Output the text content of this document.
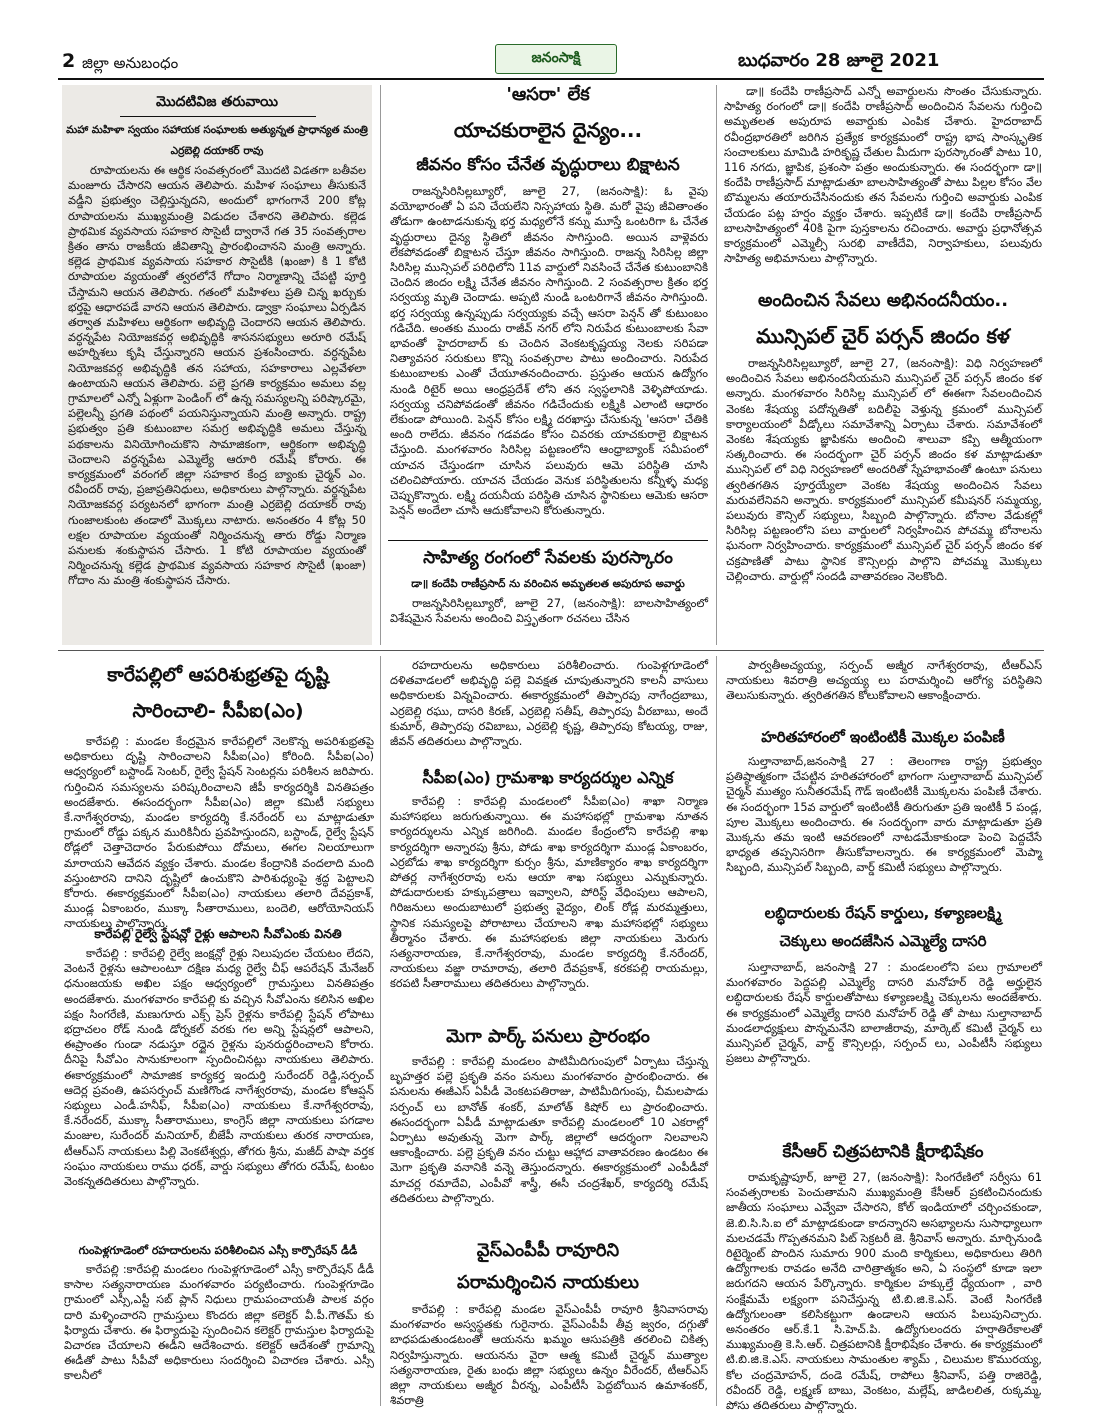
2 జిల్లా అనుబంధం	జనంసాక్షి	బుధవారం 28 జూలై 2021
మొదటివిజ తరువాయి
మహా మహిళా స్వయం సహాయక సంఘాలకు అత్యున్నత ప్రాధాన్యత మంత్రి
ఎర్రబెల్లి దయాకర్ రావు

రూపాయలను ఈ ఆర్థిక సంవత్సరంలో మొదటి విడతగా బతీవల మంజూరు చేసారని ఆయన తెలిపారు. మహిళ సంఘాలు తీసుకునే వడ్డీని ప్రభుత్వం చెల్లిస్తున్నదని, అందులో భాగంగానే 200 కోట్ల రూపాయలను ముఖ్యమంత్రి విడుదల చేశారని తెలిపారు. కల్లెడ ప్రాథమిక వ్యవసాయ సహకార సొసైటీ ద్వారానే గత 35 సంవత్సరాల క్రితం తాను రాజకీయ జీవితాన్ని ప్రారంభించానని మంత్రి అన్నారు. కల్లెడ ప్రాథమిక వ్యవసాయ సహకార సొసైటీకి (ఖంజా) కి 1 కోటి రూపాయల వ్యయంతో త్వరలోనే గోదాం నిర్మాణాన్ని చేపట్టి పూర్తి చేస్తామని ఆయన తెలిపారు. గతంలో మహిళలు ప్రతి చిన్న ఖర్చుకు భర్తపై ఆధారపడే వారని ఆయన తెలిపారు. డ్వాక్రా సంఘాలు ఏర్పడిన తర్వాత మహిళలు ఆర్థికంగా అభివృద్ధి చెందారని ఆయన తెలిపారు. వర్ధన్నపేట నియోజకవర్గ అభివృద్ధికి శాసనసభ్యులు అరూరి రమేష్ అహర్నిశలు కృషి చేస్తున్నారని ఆయన ప్రశంసించారు. వర్ధన్నపేట నియోజకవర్గ అభివృద్ధికి తన సహాయ, సహకారాలు ఎల్లవేళలా ఉంటాయని ఆయన తెలిపారు. పల్లె ప్రగతి కార్యక్రమం అమలు వల్ల గ్రామాలలో ఎన్నో ఏళ్లుగా పెండింగ్ లో ఉన్న సమస్యలన్ని పరిష్కారమై, పల్లెలన్నీ ప్రగతి పథంలో పయనిస్తున్నాయని మంత్రి అన్నారు. రాష్ట్ర ప్రభుత్వం ప్రతి కుటుంబాల సమగ్ర అభివృద్ధికి అమలు చేస్తున్న పథకాలను వినియోగించుకొని సామాజికంగా, ఆర్థికంగా అభివృద్ధి చెందాలని వర్ధన్నపేట ఎమ్మెల్యే ఆరూరి రమేష్ కోరారు. ఈ కార్యక్రమంలో వరంగల్ జిల్లా సహకార కేంద్ర బ్యాంకు చైర్మన్ ఎం. రవీందర్ రావు, ప్రజాప్రతినిధులు, అధికారులు పాల్గొన్నారు. వర్ధన్నపేట నియోజకవర్గ పర్యటనలో భాగంగా మంత్రి ఎర్రబెల్లి దయాకర్ రావు గుంజాలకుంట తండాలో మొక్కలు నాటారు. అనంతరం 4 కోట్ల 50 లక్షల రూపాయల వ్యయంతో నిర్మించనున్న తారు రోడ్డు నిర్మాణ పనులకు శంకుస్థాపన చేసారు. 1 కోటి రూపాయల వ్యయంతో నిర్మించనున్న కల్లెడ ప్రాథమిక వ్యవసాయ సహకార సొసైటీ (ఖంజా) గోదాం ను మంత్రి శంకుస్థాపన చేసారు.

'ఆసరా' లేక
యాచకురాలైన దైన్యం...
జీవనం కోసం చేనేత వృద్ధురాలు బిక్షాటన

రాజన్నసిరిసిల్లబ్యూరో, జూలై 27, (జనంసాక్షి): ఓ వైపు వయోభారంతో ఏ పని చేయలేని నిస్సహాయ స్థితి. మరో వైపు జీవితాంతం తోడుగా ఉంటాడనుకున్న భర్త మధ్యలోనే కన్ను మూస్తే ఒంటరిగా ఓ చేనేత వృద్ధురాలు దైన్య స్థితిలో జీవనం సాగిస్తుంది. అయిన వాళ్లెవరు లేకపోవడంతో బిక్షాటన చేస్తూ జీవనం సాగిస్తుంది. రాజన్న సిరిసిల్ల జిల్లా సిరిసిల్ల మున్సిపల్ పరిధిలోని 11వ వార్డులో నివసించే చేనేత కుటుంబానికి చెందిన జిందం లక్ష్మి చేనేత జీవనం సాగిస్తుంది. 2 సంవత్సరాల క్రితం భర్త సర్వయ్య మృతి చెందాడు. అప్పటి నుండి ఒంటరిగానే జీవనం సాగిస్తుంది. భర్త సర్వయ్య ఉన్నప్పుడు సర్వయ్యకు వచ్చే ఆసరా పెన్షన్ తో కుటుంబం గడిచేది. అంతకు ముందు రాజీవ్ నగర్ లోని నిరుపేద కుటుంబాలకు సేవా భావంతో హైదరాబాద్ కు చెందిన వెంకటకృష్ణయ్య నెలకు సరిపడా నిత్యావసర సరుకులు కొన్ని సంవత్సరాల పాటు అందించారు. నిరుపేద కుటుంబాలకు ఎంతో చేయూతనందించారు. ప్రస్తుతం ఆయన ఉద్యోగం నుండి రిటైర్ అయి ఆంధ్రప్రదేశ్ లోని తన స్వస్థలానికి వెళ్ళిపోయాడు. సర్వయ్య చనిపోవడంతో జీవనం గడిచేందుకు లక్ష్మికి ఎలాంటి ఆధారం లేకుండా పోయింది. పెన్షన్ కోసం లక్ష్మి దరఖాస్తు చేసుకున్న 'ఆసరా' చేతికి అంది రాలేదు. జీవనం గడవడం కోసం చివరకు యాచకురాలై బిక్షాటన చేస్తుంది. మంగళవారం సిరిసిల్ల పట్టణంలోని ఆంధ్రాబ్యాంక్ సమీపంలో యాచన చేస్తుండగా చూసిన పలువురు ఆమె పరిస్థితి చూసి చలించిపోయారు. యాచన చేయడం వెనుక పరిస్థితులను కన్నీళ్ళ మధ్య చెప్పుకొన్నారు. లక్ష్మి దయనీయ పరిస్థితి చూసిన స్థానికులు ఆమెకు ఆసరా పెన్షన్ అందేలా చూసి ఆదుకోవాలని కోరుతున్నారు.

సాహిత్య రంగంలో సేవలకు పురస్కారం
డా॥ కందేపి రాణీప్రసాద్ ను వరించిన అమృతలత అపురూప అవార్డు

రాజన్నసిరిసిల్లబ్యూరో, జూలై 27, (జనంసాక్షి): బాలసాహిత్యంలో విశేషమైన సేవలను అందించి విస్తృతంగా రచనలు చేసిన

డా॥ కందేపి రాణీప్రసాద్ ఎన్నో అవార్డులను సొంతం చేసుకున్నారు. సాహిత్య రంగంలో డా॥ కందేపి రాణీప్రసాద్ అందించిన సేవలను గుర్తించి అమృతలత అపురూప అవార్డుకు ఎంపిక చేశారు. హైదరాబాద్ రవీంద్రభారతిలో జరిగిన ప్రత్యేక కార్యక్రమంలో రాష్ట్ర భాష సాంస్కృతిక సంచాలకులు మామిడి హరికృష్ణ చేతుల మీదుగా పురస్కారంతో పాటు 10, 116 నగదు, జ్ఞాపిక, ప్రశంసా పత్రం అందుకున్నారు. ఈ సందర్భంగా డా॥ కందేపి రాణీప్రసాద్ మాట్లాడుతూ బాలసాహిత్యంతో పాటు పిల్లల కోసం వేల బొమ్మలను తయారుచేసినందుకు తన సేవలను గుర్తించి అవార్డుకు ఎంపిక చేయడం పట్ల హర్షం వ్యక్తం చేశారు. ఇప్పటికే డా॥ కందేపి రాణీప్రసాద్ బాలసాహిత్యంలో 40కి పైగా పుస్తకాలను రచించారు. అవార్డు ప్రధానోత్సవ కార్యక్రమంలో ఎమ్మెల్సీ సురభి వాణీదేవి, నిర్వాహకులు, పలువురు సాహిత్య అభిమానులు పాల్గొన్నారు.

అందించిన సేవలు అభినందనీయం..
మున్సిపల్ చైర్ పర్సన్ జిందం కళ

రాజన్నసిరిసిల్లబ్యూరో, జూలై 27, (జనంసాక్షి): విధి నిర్వహణలో అందించిన సేవలు అభినందనీయమని మున్సిపల్ చైర్ పర్సన్ జిందం కళ అన్నారు. మంగళవారం సిరిసిల్ల మున్సిపల్ లో ఈఈగా సేవలందించిన వెంకట శేషయ్య పదోన్నతితో బదిలీపై వెళ్తున్న క్రమంలో మున్సిపల్ కార్యాలయంలో వీడ్కోలు సమావేశాన్ని ఏర్పాటు చేశారు. సమావేశంలో వెంకట శేషయ్యకు జ్ఞాపికను అందించి శాలువా కప్పి ఆత్మీయంగా సత్కరించారు. ఈ సందర్భంగా చైర్ పర్సన్ జిందం కళ మాట్లాడుతూ మున్సిపల్ లో విధి నిర్వహణలో అందరితో స్నేహభావంతో ఉంటూ పనులు త్వరితగతిన పూర్తయ్యేలా వెంకట శేషయ్య అందించిన సేవలు మరువలేనివని అన్నారు. కార్యక్రమంలో మున్సిపల్ కమీషనర్ సమ్మయ్య, పలువురు కౌన్సిల్ సభ్యులు, సిబ్బంది పాల్గొన్నారు. బోనాల వేడుకల్లో సిరిసిల్ల పట్టణంలోని పలు వార్డులలో నిర్వహించిన పోచమ్మ బోనాలను ఘనంగా నిర్వహించారు. కార్యక్రమంలో మున్సిపల్ చైర్ పర్సన్ జిందం కళ చక్రపాణితో పాటు స్థానిక కౌన్సిలర్లు పాల్గొని పోచమ్మ మొక్కులు చెల్లించారు. వార్డుల్లో సందడి వాతావరణం నెలకొంది.

కారేపల్లిలో ఆపరిశుభ్రతపై దృష్టి
సారించాలి- సీపీఐ(ఎం)

కారేపల్లి : మండల కేంద్రమైన కారేపల్లిలో నెలకొన్న అపరిశుభ్రతపై అధికారులు దృష్టి సారించాలని సీపీఐ(ఎం) కోరింది. సీపీఐ(ఎం) ఆధ్వర్యంలో బస్టాండ్ సెంటర్, రైల్వే స్టేషన్ సెంటర్లను పరిశీలన జరిపారు. గుర్తించిన సమస్యలను పరిష్కరించాలని జీపీ కార్యదర్శికి వినతిపత్రం అందజేశారు. ఈసందర్భంగా సీపీఐ(ఎం) జిల్లా కమిటీ సభ్యులు కే.నాగేశ్వరరావు, మండల కార్యదర్శి కే.నరేందర్ లు మాట్లాడుతూ గ్రామంలో రోడ్డు పక్కన మురికినీరు ప్రవహిస్తుందని, బస్టాండ్, రైల్వే స్టేషన్ రోడ్లలో చెత్తాచెదారం పేరుకుపోయి దోమలు, ఈగల నిలయాలుగా మారాయని ఆవేదన వ్యక్తం చేశారు. మండల కేంద్రానికి వందలాది మంది వస్తుంటారని దానిని దృష్టిలో ఉంచుకొని పారిశుధ్యంపై శ్రద్ధ పెట్టాలని కోరారు. ఈకార్యక్రమంలో సీపీఐ(ఎం) నాయకులు తలారి దేవప్రకాశ్, ముండ్ల ఏకాంబరం, ముక్కా సీతారాములు, బందెలి, ఆరోయోనియస్ నాయకులు పాల్గొన్నారు.

కారేపల్లి రైల్వే స్టేషన్లో రైళ్లు ఆపాలని సీవోఎంకు వినతి

కారేపల్లి : కారేపల్లి రైల్వే జంక్షన్లో రైళ్లు నిలుపుదల చేయటం లేదని, వెంటనే రైళ్లను ఆపాలంటూ దక్షిణ మధ్య రైల్వే చీఫ్ ఆపరేషన్ మేనేజర్ ధనుంజయకు అఖిల పక్షం ఆధ్వర్యంలో గ్రామస్తులు వినతిపత్రం అందజేశారు. మంగళవారం కారేపల్లి కు వచ్చిన సీవోఎంను కలిసిన అఖిల పక్షం సింగరేణి, మణుగూరు ఎక్స్ ప్రెస్ రైళ్లను కారేపల్లి స్టేషన్ లోపాటు భద్రాచలం రోడ్ నుండి డోర్నకల్ వరకు గల అన్ని స్టేషన్లలో ఆపాలని, ఈప్రాంతం గుండా నడుస్తూ రద్దైన రైళ్లను పునరుద్ధరించాలని కోరారు. దీనిపై సీవోఎం సానుకూలంగా స్పందించినట్లు నాయకులు తెలిపారు. ఈకార్యక్రమంలో సామాజిక కార్యకర్త ఇందుర్తి సురేందర్ రెడ్డి,సర్పంచ్ ఆదెర్ల ప్రవంతి, ఉపసర్పంచ్ మణిగొండ నాగేశ్వరరావు, మండల కోఆప్షన్ సభ్యులు ఎండీ.హనీఫ్, సీపీఐ(ఎం) నాయకులు కే.నాగేశ్వరరావు, కే.నరేందర్, ముక్కా సీతారాములు, కాంగ్రెస్ జిల్లా నాయకులు పగడాల మంజుల, సురేందర్ మనియార్, బీజేపీ నాయకులు తురక నారాయణ, టీఆర్ఎస్ నాయకులు పిల్లి వెంకటేశ్వర్లు, తోగరు శ్రీను, మజీద్ పాషా వర్తక సంఘం నాయకులు రాము ధరక్, వార్డు సభ్యులు తోగరు రమేష్, టంటం వెంకన్నతదితరులు పాల్గొన్నారు.

గుంపెళ్లగూడెంలో రహదారులను పరిశీలించిన ఎస్సీ కార్పొరేషన్ డీడీ

కారేపల్లి :కారేపల్లి మండలం గుంపెళ్లగూడెంలో ఎస్సీ కార్పొరేషన్ డీడీ కాసాల సత్యనారాయణ మంగళవారం పర్యటించారు. గుంపెళ్లగూడెం గ్రామంలో ఎస్సీ,ఎస్టీ సబ్ ప్లాన్ నిధులు గ్రామపంచాయతీ పాలక వర్గం దారి మళ్ళించారని గ్రామస్తులు కొందరు జిల్లా కలెక్టర్ వీ.పీ.గౌతమ్ కు ఫిర్యాదు చేశారు. ఈ ఫిర్యాదుపై స్పందించిన కలెక్టర్ గ్రామస్తుల ఫిర్యాదుపై విచారణ చేయాలని ఈడీని ఆదేశించారు. కలెక్టర్ ఆదేశంతో గ్రామాన్ని ఈడీతో పాటు సీపీవో అధికారులు సందర్శించి విచారణ చేశారు. ఎస్సీ కాలనీలో

రహదారులను అధికారులు పరిశీలించారు. గుంపెళ్లగూడెంలో దళితవాడలలో అభివృద్ధి పల్లె వివక్షత చూపుతున్నారని కాలనీ వాసులు అధికారులకు విన్నవించారు. ఈకార్యక్రమంలో తిప్పారపు నాగేంద్రబాబు, ఎర్రబెల్లి రఘు, దాసరి కిరణ్, ఎర్రబెల్లి సతీష్, తిప్పారపు వీరబాబు, అందే కుమార్, తిప్పారపు రవిబాబు, ఎర్రబెల్లి కృష్ణ, తిప్పారపు కోటయ్య, రాజు, జీవన్ తదితరులు పాల్గొన్నారు.

సీపీఐ(ఎం) గ్రామశాఖ కార్యదర్శుల ఎన్నిక

కారేపల్లి : కారేపల్లి మండలంలో సీపీఐ(ఎం) శాఖా నిర్మాణ మహాసభలు జరుగుతున్నాయి. ఈ మహాసభల్లో గ్రామశాఖ నూతన కార్యదర్శులను ఎన్నిక జరిగింది. మండల కేంద్రంలోని కారేపల్లి శాఖ కార్యదర్శిగా అన్నారపు శ్రీను, పోడు శాఖ కార్యదర్శిగా ముండ్ల ఏకాంబరం, ఎర్రబోడు శాఖ కార్యదర్శిగా కుర్సం శ్రీను, మాణిక్యారం శాఖ కార్యదర్శిగా పోతర్ల నాగేశ్వరరావు లను ఆయా శాఖ సభ్యులు ఎన్నుకున్నారు. పోడుదారులకు హక్కుపత్రాలు ఇవ్వాలని, పోరిస్ట్ వేధింపులు ఆపాలని, గిరిజనులు అందుబాటులో ప్రభుత్వ వైద్యం, లింక్ రోడ్ల మరమ్మత్తులు, స్థానిక సమస్యలపై పోరాటాలు చేయాలని శాఖ మహాసభల్లో సభ్యులు తీర్మానం చేశారు. ఈ మహాసభలకు జిల్లా నాయకులు మెరుగు సత్యనారాయణ, కే.నాగేశ్వరరావు, మండల కార్యదర్శి కే.నరేందర్, నాయకులు వజ్జా రామారావు, తలారి దేవప్రకాశ్, కరకపల్లి రాయమల్లు, కరపటి సీతారాములు తదితరులు పాల్గొన్నారు.

మెగా పార్క్ పనులు ప్రారంభం

కారేపల్లి : కారేపల్లి మండలం పాటిమీదిగుంపులో ఏర్పాటు చేస్తున్న బృహత్తర పల్లె ప్రకృతి వనం పనులు మంగళవారం ప్రారంభించారు. ఈ పనులను ఈజీఎస్ ఏపీడీ వెంకటపతిరాజు, పాటిమీదిగుంపు, చీమలపాడు సర్పంచ్ లు బానోత్ శంకర్, మాలోత్ కిషోర్ లు ప్రారంభించారు. ఈసందర్భంగా ఏపీడీ మాట్లాడుతూ కారేపల్లి మండలంలో 10 ఎకరాల్లో ఏర్పాటు అవుతున్న మెగా పార్క్ జిల్లాలో ఆదర్శంగా నిలవాలని ఆకాంక్షించారు. పల్లె ప్రకృతి వనం చుట్టు ఆహ్లాద వాతావరణం ఉండటం ఈ మెగా ప్రకృతి వనానికి వన్నె తెస్తుందన్నారు. ఈకార్యక్రమంలో ఎంపీడీవో మాచర్ల రమాదేవి, ఎంపీవో శాస్త్రీ, ఈసీ చంద్రశేఖర్, కార్యదర్శి రమేష్ తదితరులు పాల్గొన్నారు.

వైస్ఎంపీపీ రావూరిని
పరామర్శించిన నాయకులు

కారేపల్లి : కారేపల్లి మండల వైస్ఎంపీపీ రావూరి శ్రీనివాసరావు మంగళవారం అస్వస్థతకు గురైనారు. వైస్ఎంపీపీ తీవ్ర జ్వరం, దగ్గుతో బాధపడుతుండటంతో ఆయనను ఖమ్మం ఆసుపత్రికి తరలించి చికిత్స నిర్వహిస్తున్నారు. ఆయనను వైరా ఆత్మ కమిటీ చైర్మన్ ముత్యాల సత్యనారాయణ, రైతు బంధు జిల్లా సభ్యులు ఉన్నం వీరేందర్, టీఆర్ఎస్ జిల్లా నాయకులు అజ్మీర వీరన్న, ఎంపీటీసీ పెద్దబోయిన ఉమాశంకర్, శివరాత్రి

పార్వతీఅచ్యయ్య, సర్పంచ్ అజ్మీర నాగేశ్వరరావు, టీఆర్ఎస్ నాయకులు శివరాత్రి అచ్యయ్య లు పరామర్శించి ఆరోగ్య పరిస్థితిని తెలుసుకున్నారు. త్వరితగతిన కోలుకోవాలని ఆకాంక్షించారు.

హరితహారంలో ఇంటింటికీ మొక్కల పంపిణీ

సుల్తానాబాద్,జనంసాక్షి 27 : తెలంగాణ రాష్ట్ర ప్రభుత్వం ప్రతిష్ఠాత్మకంగా చేపట్టిన హరితహారంలో భాగంగా సుల్తానాబాద్ మున్సిపల్ చైర్మన్ ముత్యం సునీతరమేష్ గౌడ్ ఇంటింటికీ మొక్కలను పంపిణీ చేశారు. ఈ సందర్భంగా 15వ వార్డులో ఇంటింటికీ తిరుగుతూ ప్రతి ఇంటికీ 5 పండ్ల, పూల మొక్కలు అందించారు. ఈ సందర్భంగా వారు మాట్లాడుతూ ప్రతి మొక్కను తమ ఇంటి ఆవరణంలో నాటడమేకాకుండా పెంచి పెద్దచేసే భాధ్యత తప్పనిసరిగా తీసుకోవాలన్నారు. ఈ కార్యక్రమంలో మెప్మా సిబ్బంది, మున్సిపల్ సిబ్బంది, వార్డ్ కమిటీ సభ్యులు పాల్గొన్నారు.

లబ్ధిదారులకు రేషన్ కార్డులు, కళ్యాణలక్ష్మి
చెక్కులు అందజేసిన ఎమ్మెల్యే దాసరి

సుల్తానాబాద్, జనంసాక్షి 27 : మండలంలోని పలు గ్రామాలలో మంగళవారం పెద్దపల్లి ఎమ్మెల్యే దాసరి మనోహర్ రెడ్డి అర్హులైన లబ్ధిదారులకు రేషన్ కార్డులతోపాటు కళ్యాణలక్ష్మి చెక్కులను అందజేశారు. ఈ కార్యక్రమంలో ఎమ్మెల్యే దాసరి మనోహర్ రెడ్డి తో పాటు సుల్తానాబాద్ మండలాధ్యక్షులు పొన్నమనేని బాలాజీరావు, మార్కెట్ కమిటీ చైర్మన్ లు మున్సిపల్ చైర్మన్, వార్డ్ కౌన్సిలర్లు, సర్పంచ్ లు, ఎంపీటీసీ సభ్యులు ప్రజలు పాల్గొన్నారు.

కేసీఆర్ చిత్రపటానికి క్షీరాభిషేకం

రామకృష్ణాపూర్, జూలై 27, (జనంసాక్షి): సింగరేణిలో సర్వీసు 61 సంవత్సరాలకు పెంచుతామని ముఖ్యమంత్రి కేసీఆర్ ప్రకటించినందుకు జాతీయ సంఘాలు ఎవ్వేవా చేసారని, కోల్ ఇండియాలో చర్చించకుండా, జె.బి.సి.సి.ఐ లో మాట్లాడకుండా కాదన్నారని అసభ్యాలను సుసాధ్యాలుగా మలచడమే గొప్పతనమని పిట్ సెక్రటరీ జె. శ్రీనివాస్ అన్నారు. మార్చినుండి రిటైర్మెంట్ పొందిన సుమారు 900 మంది కార్మికులు, అధికారులు తిరిగి ఉద్యోగాలకు రావడం అనేది చారిత్రాత్మకం అని, ఏ సంస్థలో కూడా ఇలా జరుగదని ఆయన పేర్కొన్నారు. కార్మికుల హక్కుల్తే ధ్యేయంగా , వారి సంక్షేమమే లక్ష్యంగా పనిచేస్తున్న టి.బి.జి.కె.ఎస్. వెంటే సింగరేణి ఉద్యోగులంతా కలిసికట్టుగా ఉండాలని ఆయన పిలుపునిచ్చారు. అనంతరం ఆర్.కే.1 సి.హెచ్.పి. ఉద్యోగులందరు హర్షాతిరేకాలతో ముఖ్యమంత్రి కె.సి.ఆర్. చిత్రపటానికి క్షీరాభిషేకం చేశారు. ఈ కార్యక్రమంలో టి.బి.జి.కె.ఎస్. నాయకులు సామంతుల శ్యామ్ , చిలుమల కొమురయ్య, కోల చంద్రమోహన్, దండె రమేష్, రాపోలు శ్రీనివాస్, పత్తి రాజిరెడ్డి, రవీందర్ రెడ్డి, లక్ష్మణ్ బాబు, వెంకటం, మల్లేష్, జాడిలలిత, రుక్కమ్మ, పోసు తదితరులు పాల్గొన్నారు.
